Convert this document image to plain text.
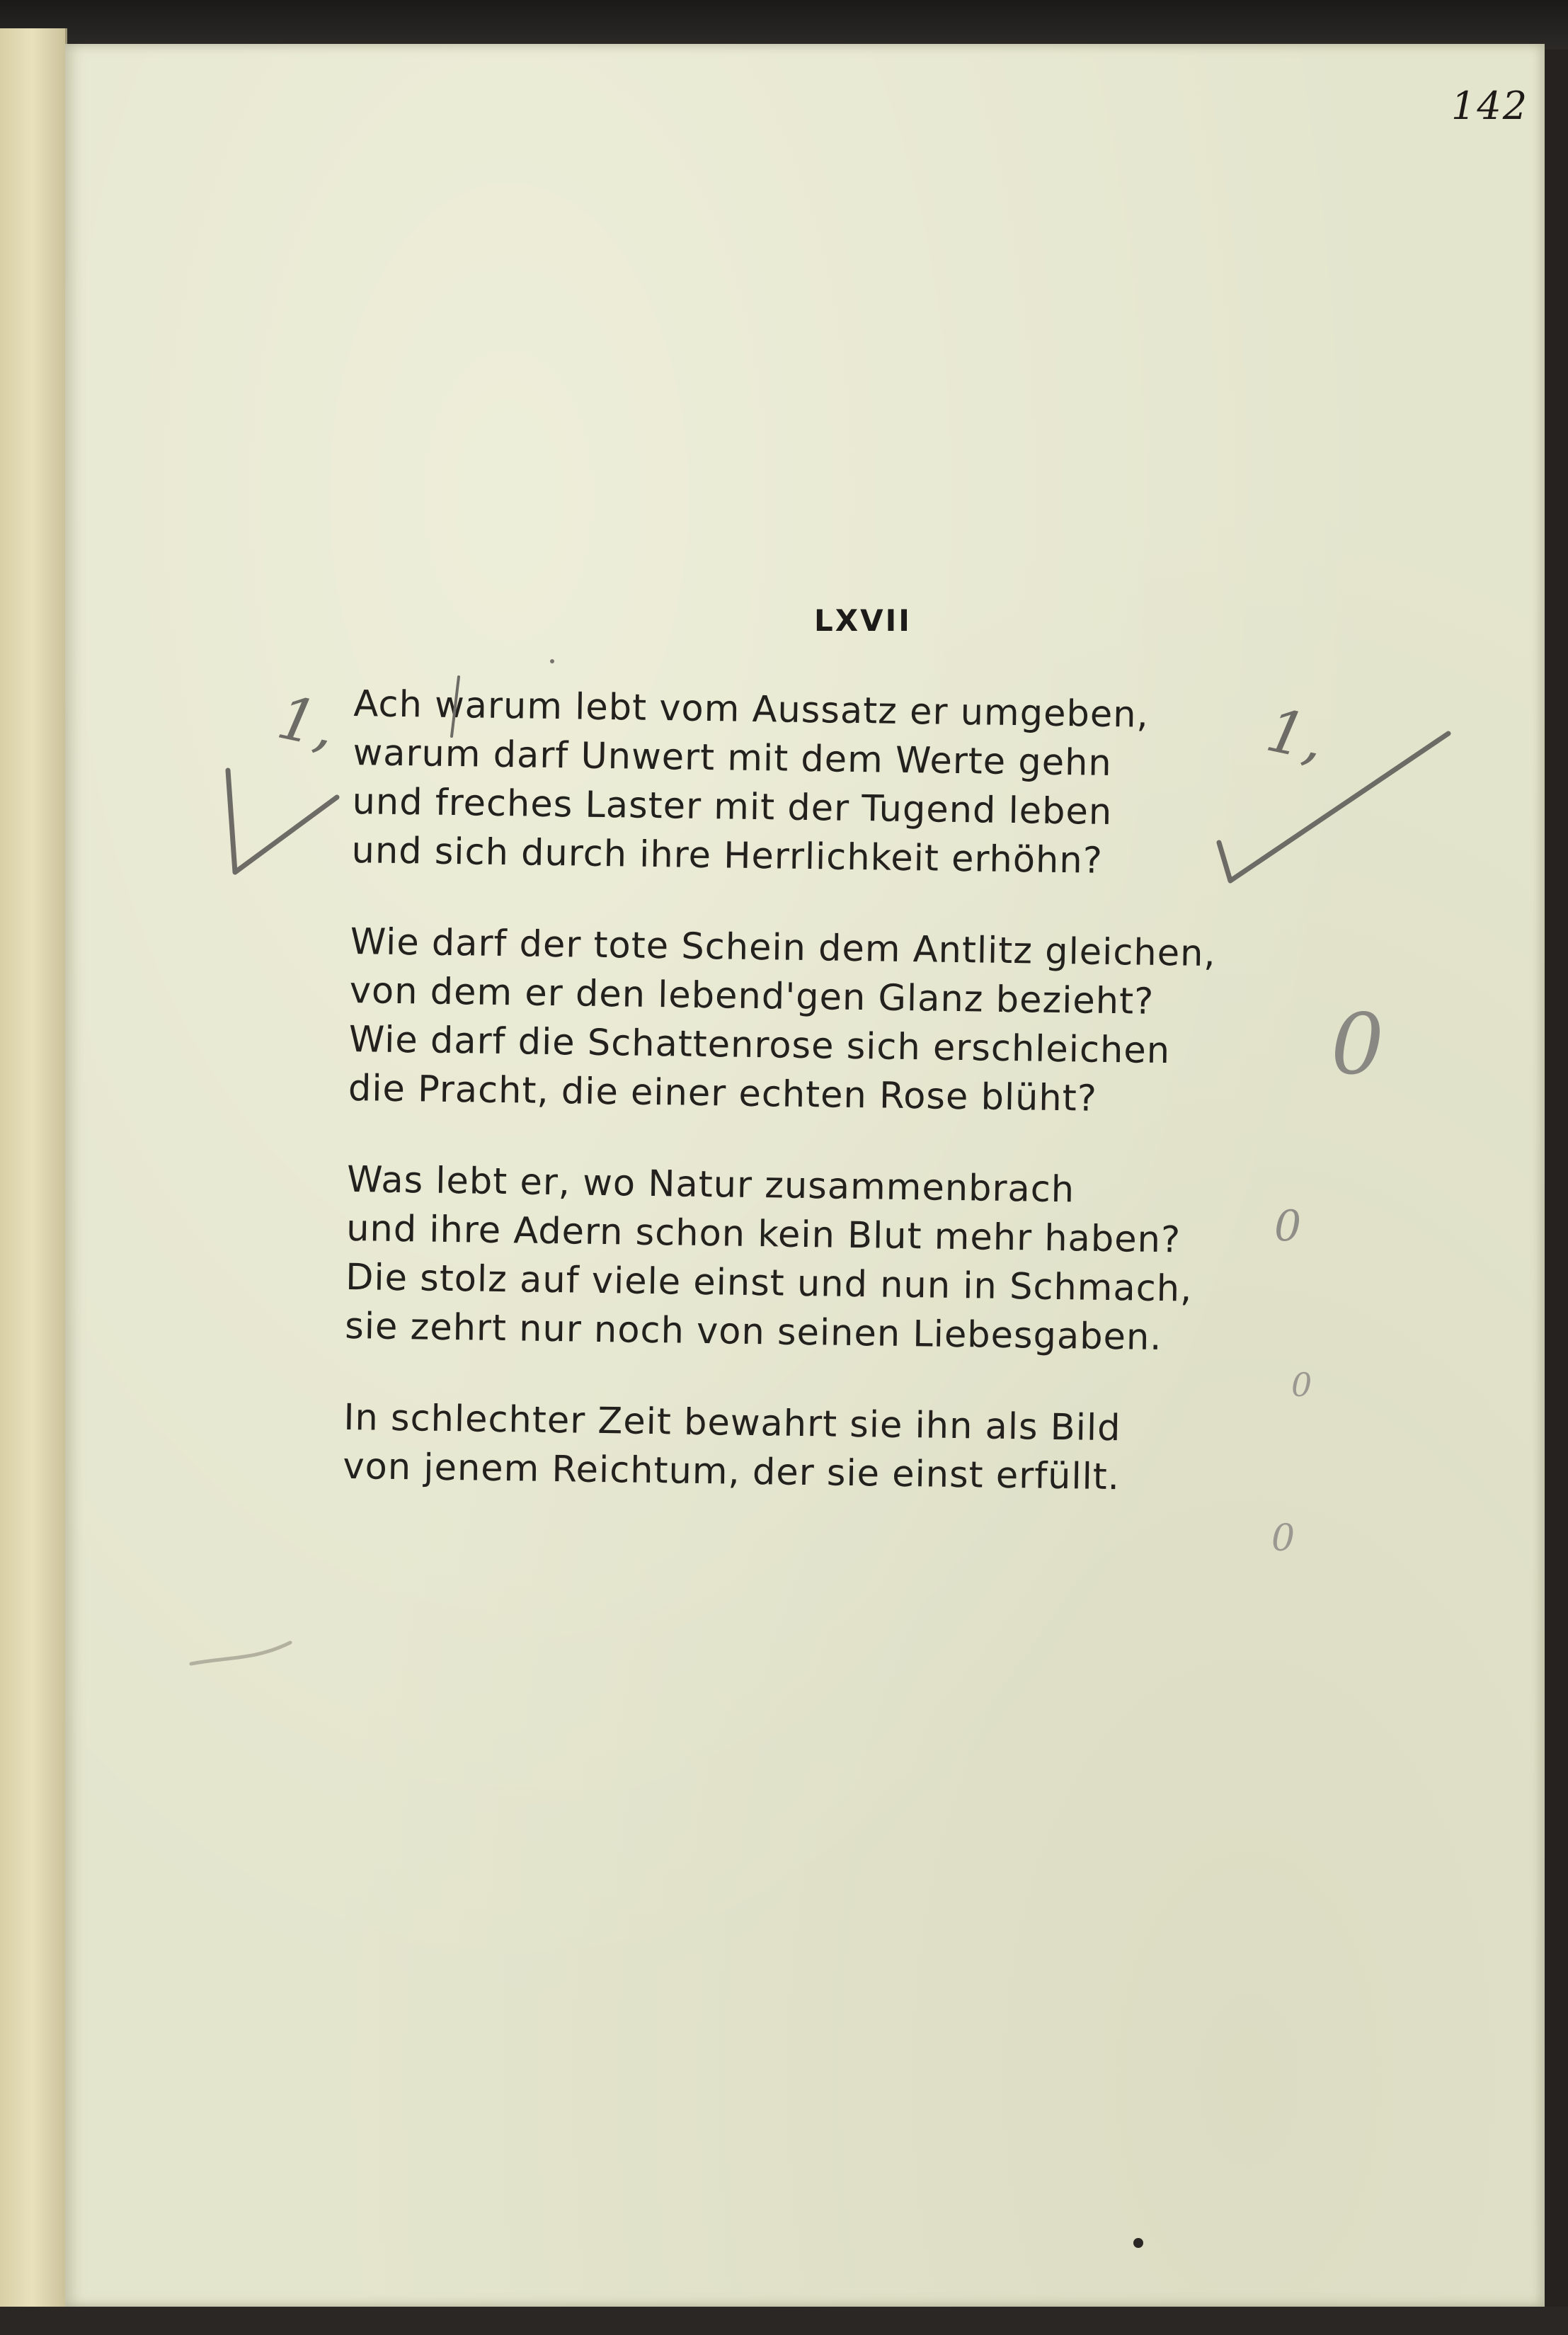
142
LXVII
Ach warum lebt vom Aussatz er umgeben,
warum darf Unwert mit dem Werte gehn
und freches Laster mit der Tugend leben
und sich durch ihre Herrlichkeit erhöhn?
Wie darf der tote Schein dem Antlitz gleichen,
von dem er den lebend'gen Glanz bezieht?
Wie darf die Schattenrose sich erschleichen
die Pracht, die einer echten Rose blüht?
Was lebt er, wo Natur zusammenbrach
und ihre Adern schon kein Blut mehr haben?
Die stolz auf viele einst und nun in Schmach,
sie zehrt nur noch von seinen Liebesgaben.
In schlechter Zeit bewahrt sie ihn als Bild
von jenem Reichtum, der sie einst erfüllt.
1,	1,
0
0
0
0
